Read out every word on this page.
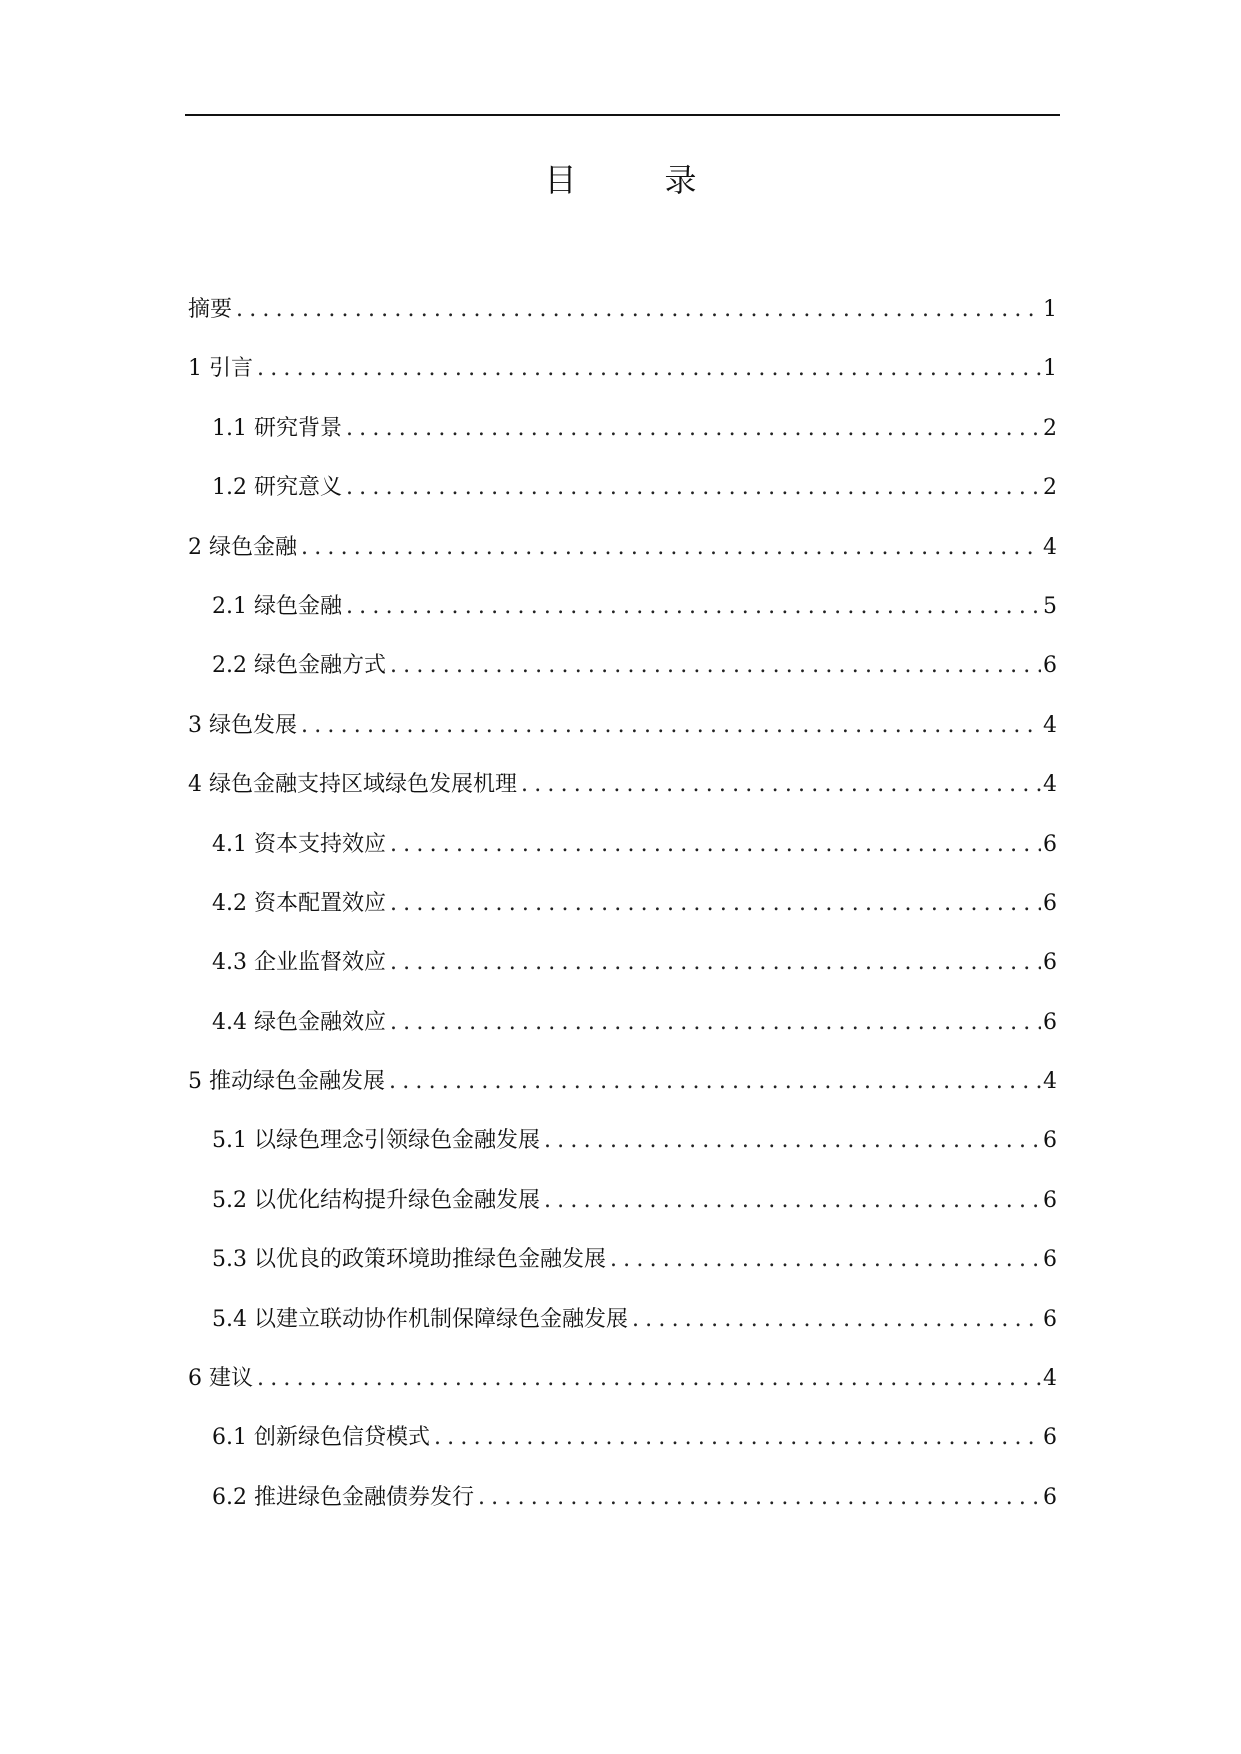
目　录
摘要 .....	1
1 引言 .....	1
1.1 研究背景 .....	2
1.2 研究意义 .....	2
2 绿色金融 .....	4
2.1 绿色金融 .....	5
2.2 绿色金融方式 .....	6
3 绿色发展 .....	4
4 绿色金融支持区域绿色发展机理 .....	4
4.1 资本支持效应 .....	6
4.2 资本配置效应 .....	6
4.3 企业监督效应 .....	6
4.4 绿色金融效应 .....	6
5 推动绿色金融发展 .....	4
5.1 以绿色理念引领绿色金融发展 .....	6
5.2 以优化结构提升绿色金融发展 .....	6
5.3 以优良的政策环境助推绿色金融发展 .....	6
5.4 以建立联动协作机制保障绿色金融发展 .....	6
6 建议 .....	4
6.1 创新绿色信贷模式 .....	6
6.2 推进绿色金融债券发行 .....	6
